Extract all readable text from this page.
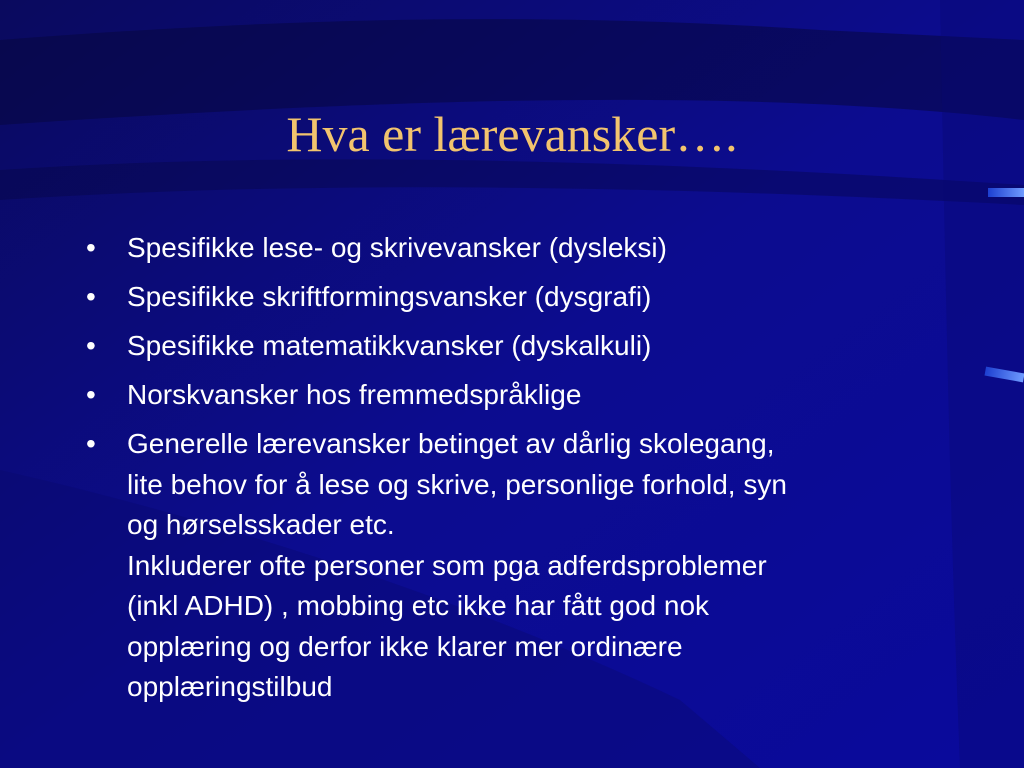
Hva er lærevansker….
• Spesifikke lese- og skrivevansker (dysleksi)
• Spesifikke skriftformingsvansker (dysgrafi)
• Spesifikke matematikkvansker (dyskalkuli)
• Norskvansker hos fremmedspråklige
• Generelle lærevansker betinget av dårlig skolegang,
lite behov for å lese og skrive, personlige forhold, syn
og hørselsskader etc.
Inkluderer ofte personer som pga adferdsproblemer
(inkl ADHD) , mobbing etc ikke har fått god nok
opplæring og derfor ikke klarer mer ordinære
opplæringstilbud
